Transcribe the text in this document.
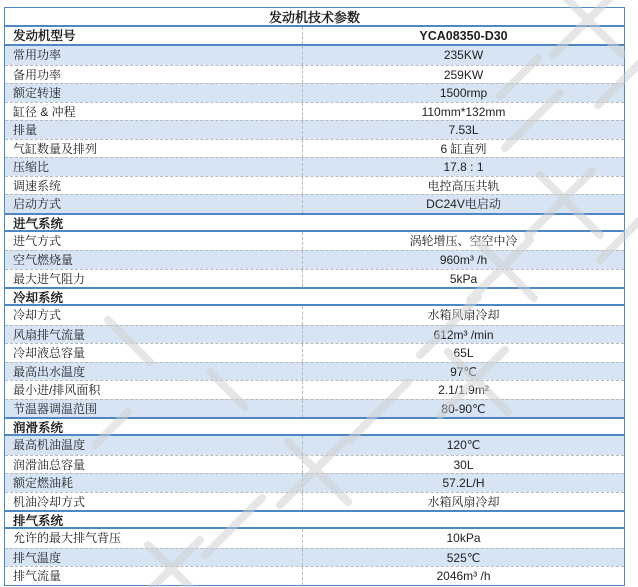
发动机技术参数
发动机型号	YCA08350-D30
常用功率	235KW
备用功率	259KW
额定转速	1500rmp
缸径 & 冲程	110mm*132mm
排量	7.53L
气缸数量及排列	6 缸直列
压缩比	17.8 : 1
调速系统	电控高压共轨
启动方式	DC24V电启动
进气系统
进气方式	涡轮增压、空空中冷
空气燃烧量	960m³ /h
最大进气阻力	5kPa
冷却系统
冷却方式	水箱风扇冷却
风扇排气流量	612m³ /min
冷却液总容量	65L
最高出水温度	97℃
最小进/排风面积	2.1/1.9m²
节温器调温范围	80-90℃
润滑系统
最高机油温度	120℃
润滑油总容量	30L
额定燃油耗	57.2L/H
机油冷却方式	水箱风扇冷却
排气系统
允许的最大排气背压	10kPa
排气温度	525℃
排气流量	2046m³ /h
